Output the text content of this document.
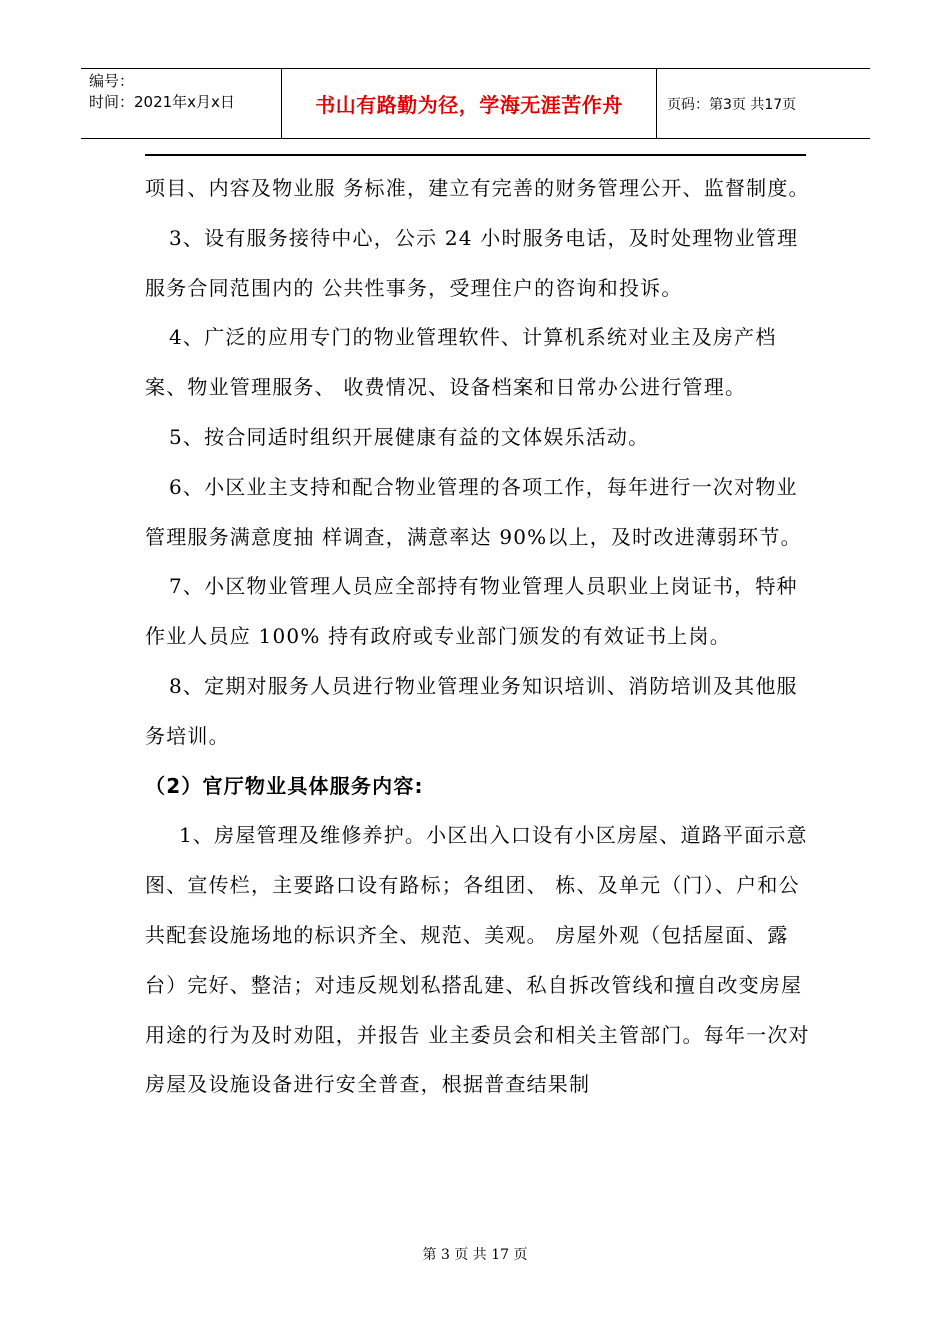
编号：
时间：2021年x月x日	书山有路勤为径，学海无涯苦作舟	页码：第3页 共17页

项目、内容及物业服 务标准，建立有完善的财务管理公开、监督制度。

3、设有服务接待中心，公示 24 小时服务电话，及时处理物业管理服务合同范围内的 公共性事务，受理住户的咨询和投诉。

4、广泛的应用专门的物业管理软件、计算机系统对业主及房产档案、物业管理服务、 收费情况、设备档案和日常办公进行管理。

5、按合同适时组织开展健康有益的文体娱乐活动。

6、小区业主支持和配合物业管理的各项工作，每年进行一次对物业管理服务满意度抽 样调查，满意率达 90%以上，及时改进薄弱环节。

7、小区物业管理人员应全部持有物业管理人员职业上岗证书，特种作业人员应 100% 持有政府或专业部门颁发的有效证书上岗。

8、定期对服务人员进行物业管理业务知识培训、消防培训及其他服务培训。

（2）官厅物业具体服务内容:

1、房屋管理及维修养护。小区出入口设有小区房屋、道路平面示意图、宣传栏，主要路口设有路标；各组团、 栋、及单元（门）、户和公共配套设施场地的标识齐全、规范、美观。 房屋外观（包括屋面、露台）完好、整洁；对违反规划私搭乱建、私自拆改管线和擅自改变房屋用途的行为及时劝阻，并报告 业主委员会和相关主管部门。每年一次对房屋及设施设备进行安全普查，根据普查结果制

第 3 页 共 17 页
